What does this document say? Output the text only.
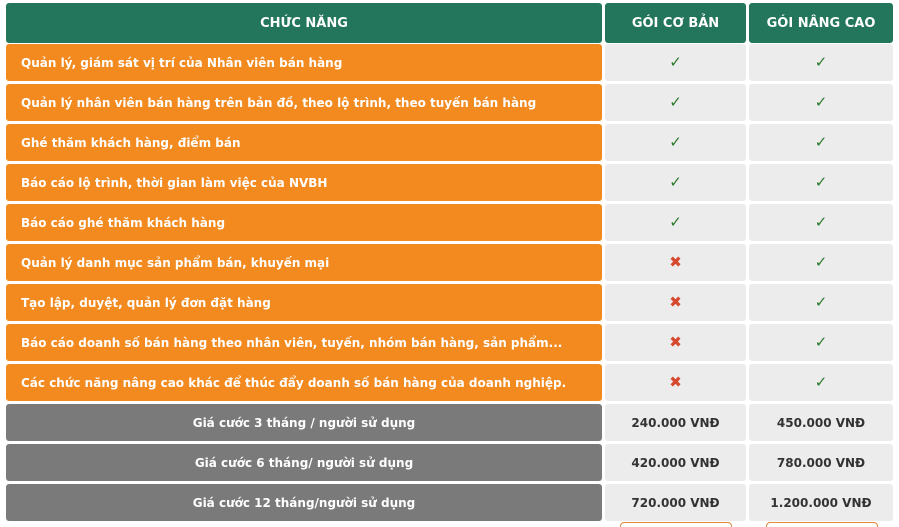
CHỨC NĂNG	GÓI CƠ BẢN	GÓI NÂNG CAO
Quản lý, giám sát vị trí của Nhân viên bán hàng	✓	✓
Quản lý nhân viên bán hàng trên bản đồ, theo lộ trình, theo tuyến bán hàng	✓	✓
Ghé thăm khách hàng, điểm bán	✓	✓
Báo cáo lộ trình, thời gian làm việc của NVBH	✓	✓
Báo cáo ghé thăm khách hàng	✓	✓
Quản lý danh mục sản phẩm bán, khuyến mại	✖	✓
Tạo lập, duyệt, quản lý đơn đặt hàng	✖	✓
Báo cáo doanh số bán hàng theo nhân viên, tuyến, nhóm bán hàng, sản phẩm...	✖	✓
Các chức năng nâng cao khác để thúc đẩy doanh số bán hàng của doanh nghiệp.	✖	✓
Giá cước 3 tháng / người sử dụng	240.000 VNĐ	450.000 VNĐ
Giá cước 6 tháng/ người sử dụng	420.000 VNĐ	780.000 VNĐ
Giá cước 12 tháng/người sử dụng	720.000 VNĐ	1.200.000 VNĐ
